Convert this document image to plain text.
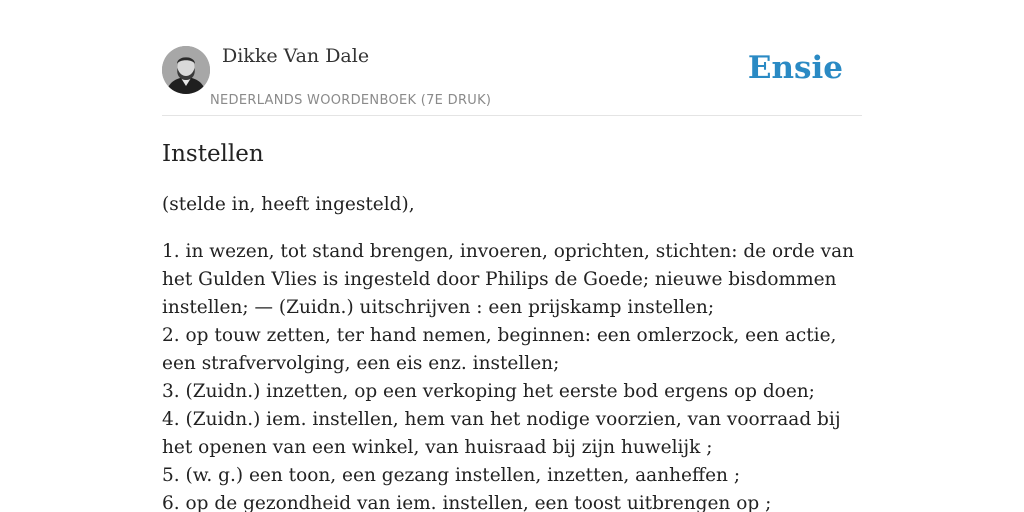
Dikke Van Dale
NEDERLANDS WOORDENBOEK (7E DRUK)
Ensie
Instellen

(stelde in, heeft ingesteld),

1. in wezen, tot stand brengen, invoeren, oprichten, stichten: de orde van het Gulden Vlies is ingesteld door Philips de Goede; nieuwe bisdommen instellen; — (Zuidn.) uitschrijven : een prijskamp instellen;
2. op touw zetten, ter hand nemen, beginnen: een omlerzock, een actie, een strafvervolging, een eis enz. instellen;
3. (Zuidn.) inzetten, op een verkoping het eerste bod ergens op doen;
4. (Zuidn.) iem. instellen, hem van het nodige voorzien, van voorraad bij het openen van een winkel, van huisraad bij zijn huwelijk ;
5. (w. g.) een toon, een gezang instellen, inzetten, aanheffen ;
6. op de gezondheid van iem. instellen, een toost uitbrengen op ;
